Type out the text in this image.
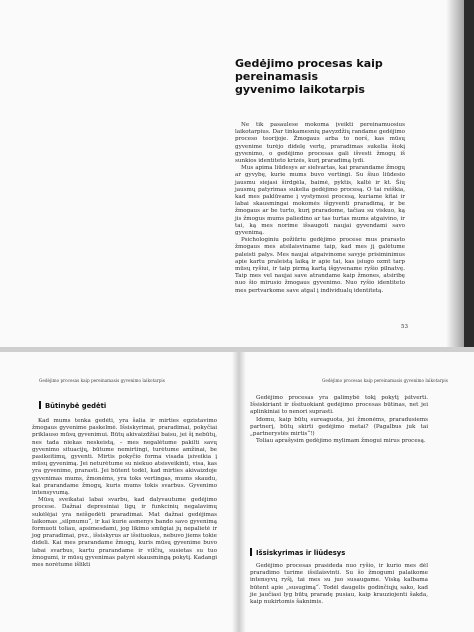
Gedėjimo procesas kaip pereinamasis
gyvenimo laikotarpis

Ne tik pasaulese mokoma įveikti pereinamuosius laikotarpius. Dar tinkamesnių pavyzdžių randame gedėjimo proceso teorijoje. Žmogaus arba to norś, kas mūsų gyvenime turėjo didelę vertę, praradimas sukelia šiokį gyvenimo, o gedėjimo procesas gali išvesti žmogų iš sunkios identiteto krizės, kurį praradimą lydi.

Mus apima liūdesys ar sielvartas, kai prarandame žmogų ar gyvybę, kurie mums buvo vertingi. Su šiuo liūdesio jausmu siejasi širdgėla, baimė, pyktis, kaltė ir kt. Šių jausmų patyrimas sukelia gedėjimo procesą. O tai reiškia, kad mes paklūvame į vystymosi procesą, kuriame kitai ir labai skausmingai mokomės išgyventi praradimą, ir be žmogaus ar be turto, kurį praradome, tačiau su viskuo, ką jis žmogus mums paliedino ar tas turtas mums atgaivino, ir tai, ką mes norime išsaugoti naujai gyvendami savo gyvenimą.

Psichologiniu požiūriu gedėjimo procese mus prarasto žmogaus mes atsilaisviname taip, kad mes jį galėtume paleisti palys. Mes naujai atgaivinome savyje prisiminimus apie kartu praleistą laiką ir apie tai, kas įsiugo ozmt tarp mūsų ryšiui, ir taip pirmą kartą išgyvename ryšio pilnatvę. Taip mes vel naujai save atrandame kaip žmones, atsiribę nuo šio mirusio žmogaus gyvenimo. Nuo ryšio identiteto mes pertvarkome save atgal į individualų identitetą.

53
Gedėjimo procesas kaip pereinamasis gyvenimo laikotarpis	Gedėjimo procesas kaip pereinamasis gyvenimo laikotarpis
Būtinybė gedėti

Kad mums tenka gedėti, yra šalia ir mirties egzistavimo žmogaus gyvenime paskelmė. Išsiskyrimai, praradimai, pokyčiai priklauso mūsų gyvenimui. Būtų akivaizdžiai baisu, jei šį nebūtų, nes tada niekas neskeistą, – mes negalėtume pakilti savų gyvenimo situacijų, būtume nemirtingi, turėtume amžinai, be pasikeitimų, gyventi. Mirtis pokyčio forma visada įsiveikia į mūsų gyvenimą. Jei neturėtume su niekuo atsisveikinti, visa, kas yra gyvenime, prarasti. Jei būtent todėl, kad mirties akivaizdoje gyvenimas mums, žmonėms, yra toks vertingas, mums skaudu, kai prarandame žmogų, kuris mums tokis svarbus. Gyvenimo intensyvumą.

Mūsų sveikatai labai svarbu, kad dalyvautume gedėjimo procese. Dažnai depresiniai ligų ir funkcinių negalavimų sukėlėjai yra neišgedėti praradimai. Mat dažnai gedėjimas laikomas „silpnumu“, ir kai kurie asmenys bando savo gyvenimą formuoti toliau, apsimesdami, jog likimo smūgiai jų nepalietė ir jog praradimai, pvz., išsiskyrus ar išsituokus, nebuvo jiems tokie dideli. Kai mes prarandame žmogų, kuris mūsų gyvenime buvo labai svarbus, kartu prarandame ir vilčių, susietas su tuo žmogumi, ir mūsų gyvenimas patyrė skausmingą pokytį. Kadangi mes norėtume išlikti

Gedėjimo procesas yra galimybė tokį pokytį įsitverti. Išsiskiriant ir išsituokiant gedėjimo procesas būtinas, net jei aplinkiniai to nenori suprasti.

Idomu, kaip būtų sureaguota, jei žmonėms, praradusiems partnerį, būtų skirti gedėjimo metai? (Pagalbus juk tai „partnerystės mirtis“!)

Toliau aprašysim gedėjimo mylimam žmogui mirus procesą.

Išsiskyrimas ir liūdesys

Gedėjimo procesas prasideda nuo ryšio, ir kurio mes dėl praradimo turime išsilaisvinti. Su šo žmogumi palaikome intensyvų ryšį, tai mes su juo susaugame. Viską kalbama būtent apie „susugimą“. Todėl daugelis godinčiųjų sako, kad jie jaučiasi lyg būtų praradę pusiau, kaip krauziojenti šakda, kaip nukirtomis šaknimis.
